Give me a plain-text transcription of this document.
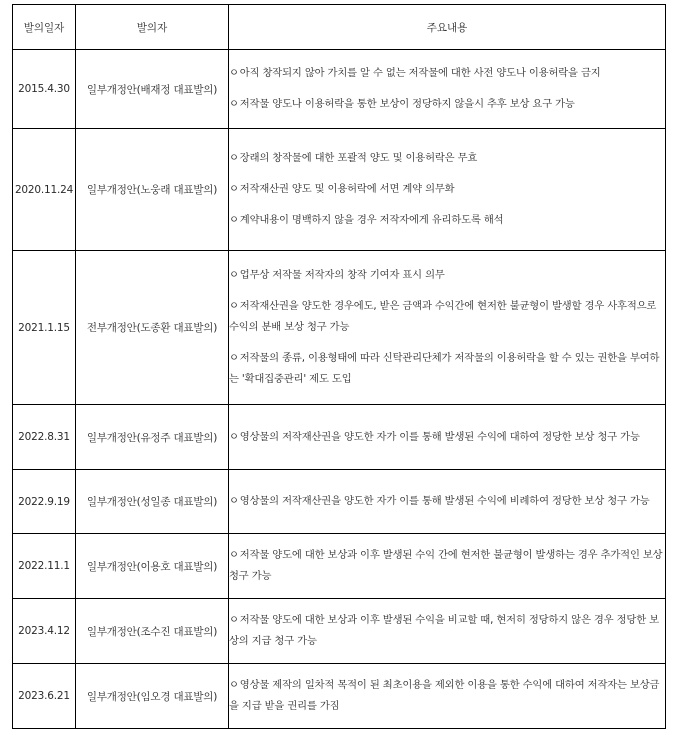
발의일자	발의자	주요내용
2015.4.30	일부개정안(배재정 대표발의)	ㅇ아직 창작되지 않아 가치를 알 수 없는 저작물에 대한 사전 양도나 이용허락을 금지

ㅇ저작물 양도나 이용허락을 통한 보상이 정당하지 않을시 추후 보상 요구 가능

2020.11.24	일부개정안(노웅래 대표발의)	ㅇ장래의 창작물에 대한 포괄적 양도 및 이용허락은 무효

ㅇ저작재산권 양도 및 이용허락에 서면 계약 의무화

ㅇ계약내용이 명백하지 않을 경우 저작자에게 유리하도록 해석

2021.1.15	전부개정안(도종환 대표발의)	ㅇ업무상 저작물 저작자의 창작 기여자 표시 의무

ㅇ저작재산권을 양도한 경우에도, 받은 금액과 수익간에 현저한 불균형이 발생할 경우 사후적으로 수익의 분배 보상 청구 가능

ㅇ저작물의 종류, 이용형태에 따라 신탁관리단체가 저작물의 이용허락을 할 수 있는 권한을 부여하는 '확대집중관리' 제도 도입

2022.8.31	일부개정안(유정주 대표발의)	ㅇ영상물의 저작재산권을 양도한 자가 이를 통해 발생된 수익에 대하여 정당한 보상 청구 가능

2022.9.19	일부개정안(성일종 대표발의)	ㅇ영상물의 저작재산권을 양도한 자가 이를 통해 발생된 수익에 비례하여 정당한 보상 청구 가능

2022.11.1	일부개정안(이용호 대표발의)	ㅇ저작물 양도에 대한 보상과 이후 발생된 수익 간에 현저한 불균형이 발생하는 경우 추가적인 보상 청구 가능

2023.4.12	일부개정안(조수진 대표발의)	ㅇ저작물 양도에 대한 보상과 이후 발생된 수익을 비교할 때, 현저히 정당하지 않은 경우 정당한 보상의 지급 청구 가능

2023.6.21	일부개정안(임오경 대표발의)	ㅇ영상물 제작의 일차적 목적이 된 최초이용을 제외한 이용을 통한 수익에 대하여 저작자는 보상금을 지급 받을 권리를 가짐
